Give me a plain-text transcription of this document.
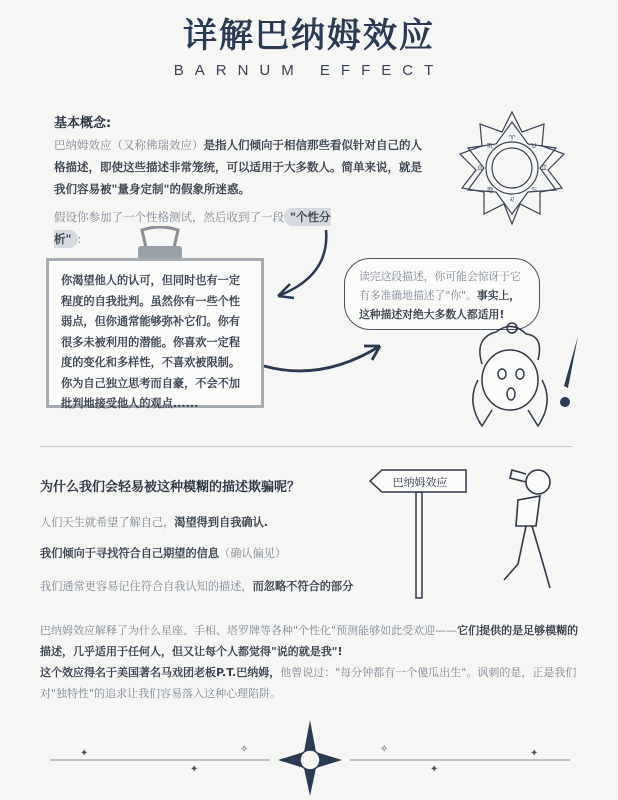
详解巴纳姆效应
BARNUM EFFECT
基本概念:
巴纳姆效应（又称佛瑞效应）是指人们倾向于相信那些看似针对自己的人格描述，即使这些描述非常笼统，可以适用于大多数人。简单来说，就是我们容易被"量身定制"的假象所迷惑。
假设你参加了一个性格测试，然后收到了一段 "个性分析" :
♈
♉
♊
♋
♌
♍
♎
♏
你渴望他人的认可，但同时也有一定程度的自我批判。虽然你有一些个性弱点，但你通常能够弥补它们。你有很多未被利用的潜能。你喜欢一定程度的变化和多样性，不喜欢被限制。你为自己独立思考而自豪，不会不加批判地接受他人的观点......
读完这段描述，你可能会惊讶于它有多准确地描述了"你"。事实上，这种描述对绝大多数人都适用!
为什么我们会轻易被这种模糊的描述欺骗呢？
人们天生就希望了解自己，渴望得到自我确认.
我们倾向于寻找符合自己期望的信息（确认偏见）
我们通常更容易记住符合自我认知的描述，而忽略不符合的部分
巴纳姆效应
巴纳姆效应解释了为什么星座、手相、塔罗牌等各种"个性化"预测能够如此受欢迎——它们提供的是足够模糊的描述，几乎适用于任何人，但又让每个人都觉得"说的就是我"!
这个效应得名于美国著名马戏团老板P.T.巴纳姆，他曾说过："每分钟都有一个傻瓜出生"。讽刺的是，正是我们对"独特性"的追求让我们容易落入这种心理陷阱。
✦
✦
✧	✧
✦
✦
